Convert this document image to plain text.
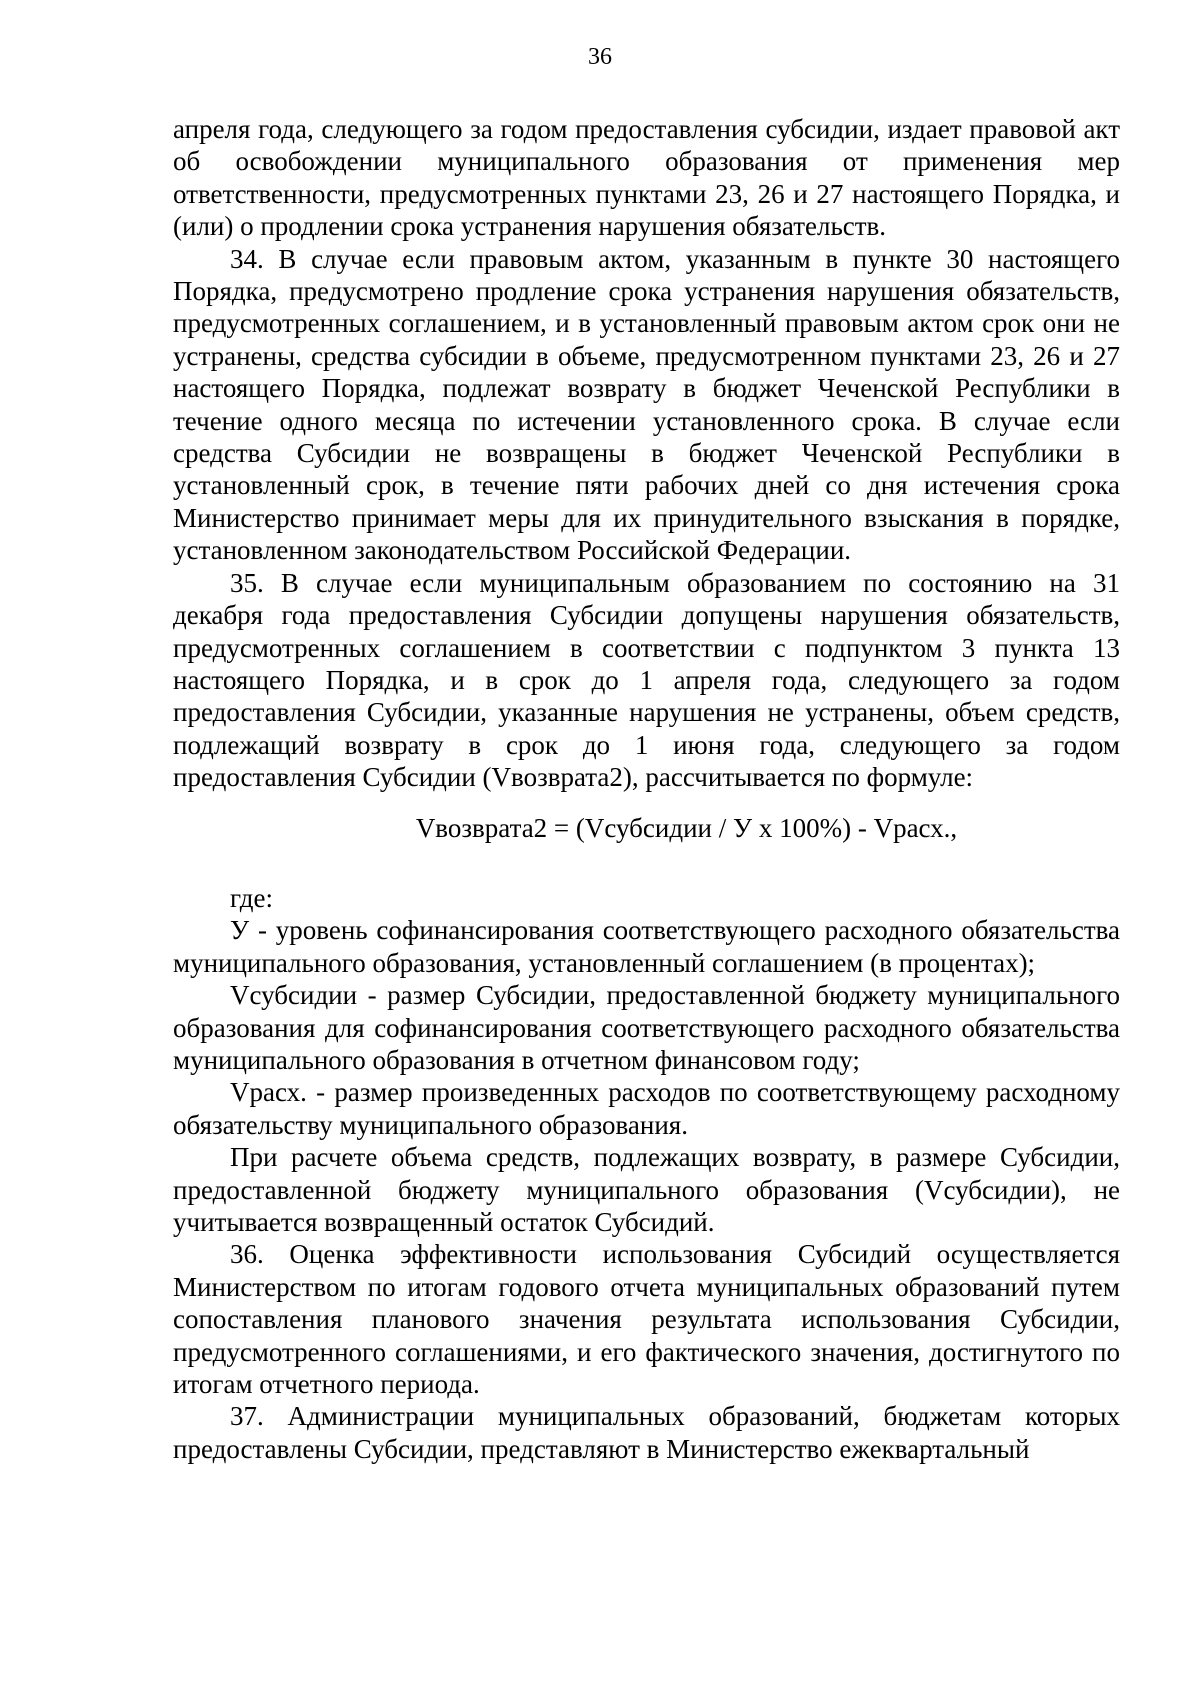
36

апреля года, следующего за годом предоставления субсидии, издает правовой акт об освобождении муниципального образования от применения мер ответственности, предусмотренных пунктами 23, 26 и 27 настоящего Порядка, и (или) о продлении срока устранения нарушения обязательств.

34. В случае если правовым актом, указанным в пункте 30 настоящего Порядка, предусмотрено продление срока устранения нарушения обязательств, предусмотренных соглашением, и в установленный правовым актом срок они не устранены, средства субсидии в объеме, предусмотренном пунктами 23, 26 и 27 настоящего Порядка, подлежат возврату в бюджет Чеченской Республики в течение одного месяца по истечении установленного срока. В случае если средства Субсидии не возвращены в бюджет Чеченской Республики в установленный срок, в течение пяти рабочих дней со дня истечения срока Министерство принимает меры для их принудительного взыскания в порядке, установленном законодательством Российской Федерации.

35. В случае если муниципальным образованием по состоянию на 31 декабря года предоставления Субсидии допущены нарушения обязательств, предусмотренных соглашением в соответствии с подпунктом 3 пункта 13 настоящего Порядка, и в срок до 1 апреля года, следующего за годом предоставления Субсидии, указанные нарушения не устранены, объем средств, подлежащий возврату в срок до 1 июня года, следующего за годом предоставления Субсидии (Vвозврата2), рассчитывается по формуле:

Vвозврата2 = (Vсубсидии / У x 100%) - Vрасх.,

где:

У - уровень софинансирования соответствующего расходного обязательства муниципального образования, установленный соглашением (в процентах);

Vсубсидии - размер Субсидии, предоставленной бюджету муниципального образования для софинансирования соответствующего расходного обязательства муниципального образования в отчетном финансовом году;

Vрасх. - размер произведенных расходов по соответствующему расходному обязательству муниципального образования.

При расчете объема средств, подлежащих возврату, в размере Субсидии, предоставленной бюджету муниципального образования (Vсубсидии), не учитывается возвращенный остаток Субсидий.

36. Оценка эффективности использования Субсидий осуществляется Министерством по итогам годового отчета муниципальных образований путем сопоставления планового значения результата использования Субсидии, предусмотренного соглашениями, и его фактического значения, достигнутого по итогам отчетного периода.

37. Администрации муниципальных образований, бюджетам которых предоставлены Субсидии, представляют в Министерство ежеквартальный
